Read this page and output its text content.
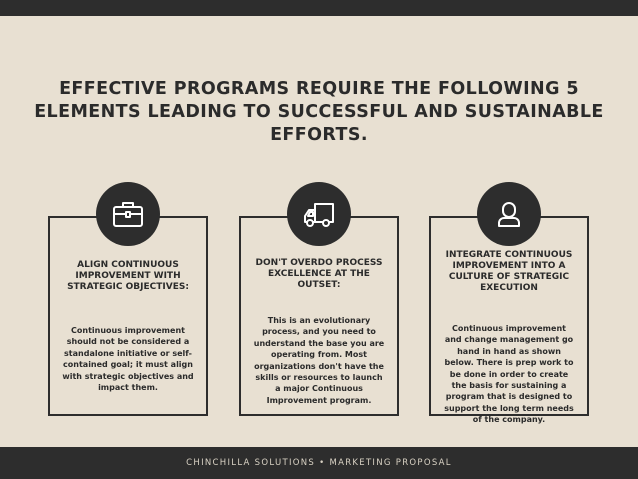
EFFECTIVE PROGRAMS REQUIRE THE FOLLOWING 5 ELEMENTS LEADING TO SUCCESSFUL AND SUSTAINABLE EFFORTS.
ALIGN CONTINUOUS IMPROVEMENT WITH STRATEGIC OBJECTIVES:

Continuous improvement should not be considered a standalone initiative or self-contained goal; it must align with strategic objectives and impact them.

DON'T OVERDO PROCESS EXCELLENCE AT THE OUTSET:

This is an evolutionary process, and you need to understand the base you are operating from. Most organizations don't have the skills or resources to launch a major Continuous Improvement program.

INTEGRATE CONTINUOUS IMPROVEMENT INTO A CULTURE OF STRATEGIC EXECUTION

Continuous improvement and change management go hand in hand as shown below. There is prep work to be done in order to create the basis for sustaining a program that is designed to support the long term needs of the company.

CHINCHILLA SOLUTIONS • MARKETING PROPOSAL
